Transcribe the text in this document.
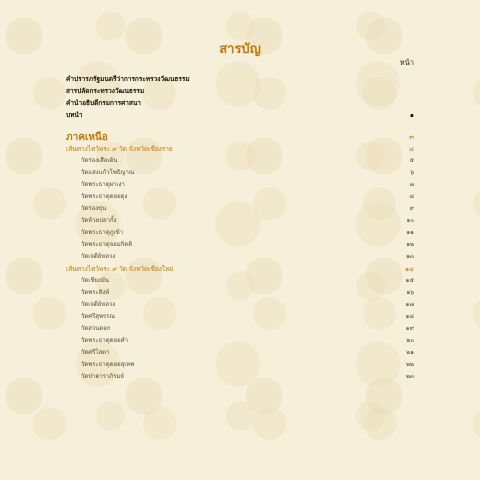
สารบัญ
หน้า
คำปรารภรัฐมนตรีว่าการกระทรวงวัฒนธรรม
สารปลัดกระทรวงวัฒนธรรม
คำนำอธิบดีกรมการศาสนา
บทนำ	๑
ภาคเหนือ	๓
เส้นทางไหว้พระ ๙ วัด จังหวัดเชียงราย	๔
วัดร่องเสือเต้น	๕
วัดแสงแก้วโพธิญาณ	๖
วัดพระธาตุผาเงา	๗
วัดพระธาตุดอยตุง	๘
วัดร่องขุ่น	๙
วัดห้วยปลากั้ง	๑๐
วัดพระธาตุภูเข้า	๑๑
วัดพระธาตุจอมกิตติ	๑๒
วัดเจดีย์หลวง	๑๓
เส้นทางไหว้พระ ๙ วัด จังหวัดเชียงใหม่	๑๔
วัดเชียงมั่น	๑๕
วัดพระสิงห์	๑๖
วัดเจดีย์หลวง	๑๗
วัดศรีสุพรรณ	๑๘
วัดสวนดอก	๑๙
วัดพระธาตุดอยคำ	๒๐
วัดศรีโสดา	๒๑
วัดพระธาตุดอยสุเทพ	๒๒
วัดป่าดาราภิรมย์	๒๓
